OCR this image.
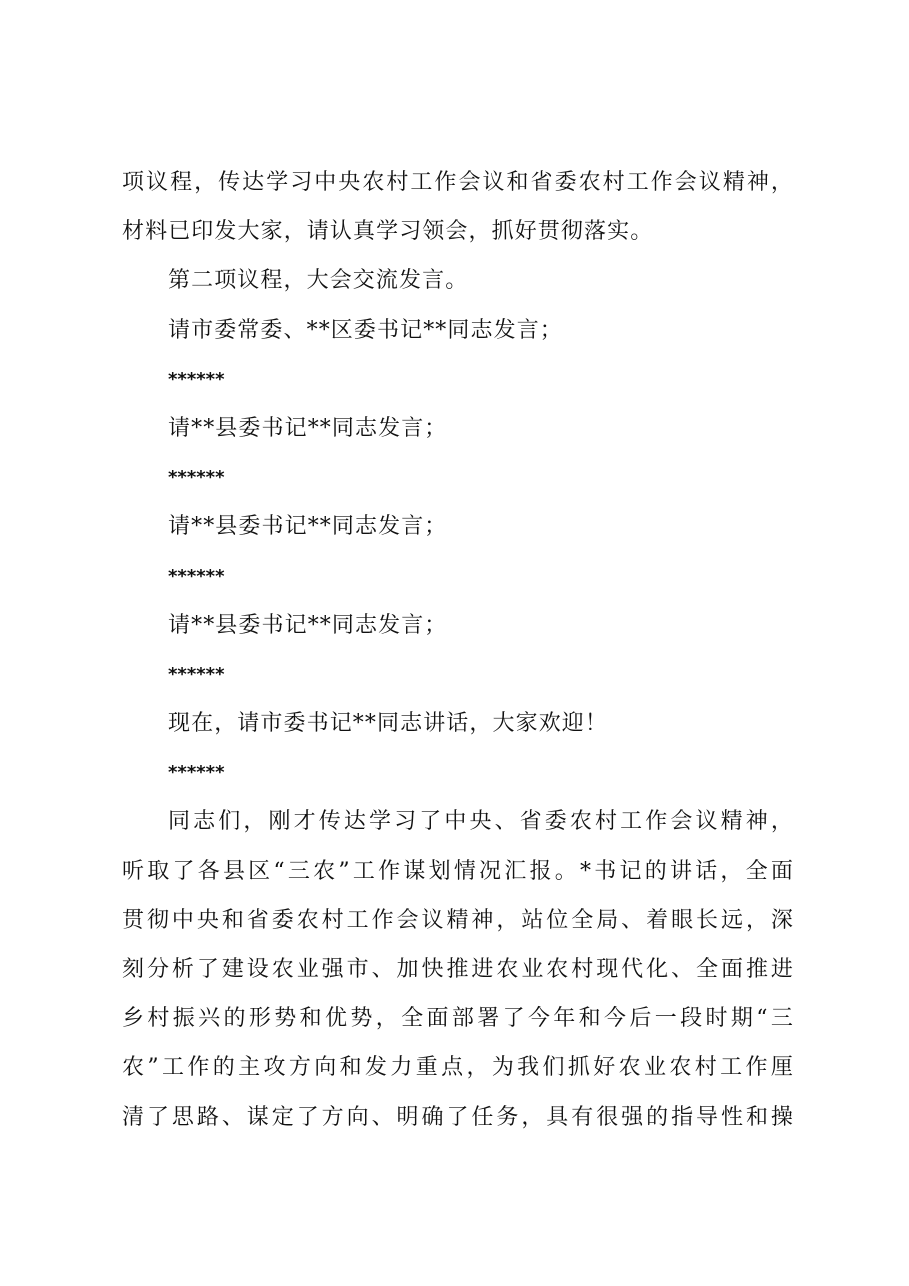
项议程，传达学习中央农村工作会议和省委农村工作会议精神，
材料已印发大家，请认真学习领会，抓好贯彻落实。
第二项议程，大会交流发言。
请市委常委、**区委书记**同志发言；
******
请**县委书记**同志发言；
******
请**县委书记**同志发言；
******
请**县委书记**同志发言；
******
现在，请市委书记**同志讲话，大家欢迎！
******
同志们，刚才传达学习了中央、省委农村工作会议精神，
听取了各县区“三农”工作谋划情况汇报。*书记的讲话，全面
贯彻中央和省委农村工作会议精神，站位全局、着眼长远，深
刻分析了建设农业强市、加快推进农业农村现代化、全面推进
乡村振兴的形势和优势，全面部署了今年和今后一段时期“三
农”工作的主攻方向和发力重点，为我们抓好农业农村工作厘
清了思路、谋定了方向、明确了任务，具有很强的指导性和操
